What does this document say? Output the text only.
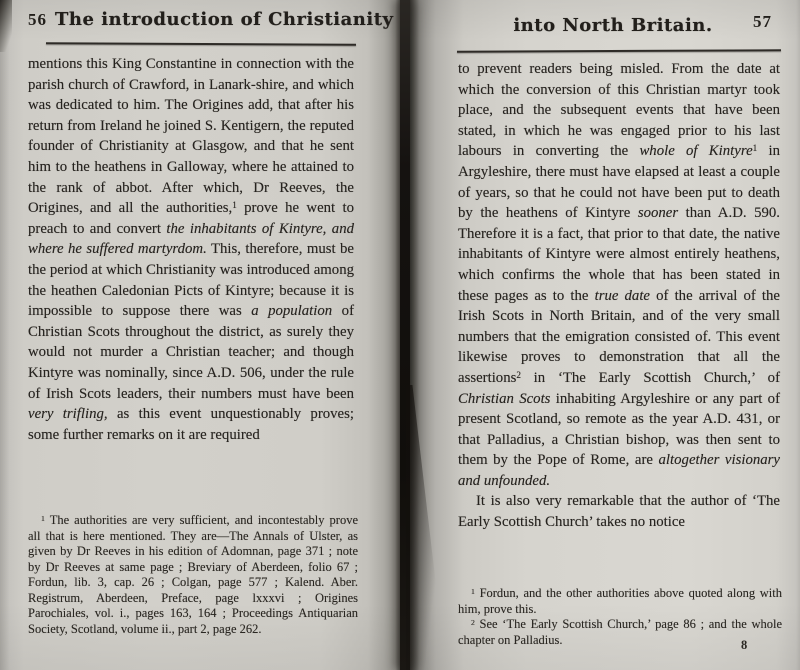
56 The introduction of Christianity

mentions this King Constantine in connection with the parish church of Crawford, in Lanark-shire, and which was dedicated to him. The Origines add, that after his return from Ireland he joined S. Kentigern, the reputed founder of Christianity at Glasgow, and that he sent him to the heathens in Galloway, where he attained to the rank of abbot. After which, Dr Reeves, the Origines, and all the authorities,$^1$ prove he went to preach to and convert the inhabitants of Kintyre, and where he suffered martyrdom. This, therefore, must be the period at which Christianity was introduced among the heathen Caledonian Picts of Kintyre; because it is impossible to suppose there was a population of Christian Scots throughout the district, as surely they would not murder a Christian teacher; and though Kintyre was nominally, since A.D. 506, under the rule of Irish Scots leaders, their numbers must have been very trifling, as this event unquestionably proves; some further remarks on it are required

$^1$ The authorities are very sufficient, and incontestably prove all that is here mentioned. They are—The Annals of Ulster, as given by Dr Reeves in his edition of Adomnan, page 371 ; note by Dr Reeves at same page ; Breviary of Aberdeen, folio 67 ; Fordun, lib. 3, cap. 26 ; Colgan, page 577 ; Kalend. Aber. Registrum, Aberdeen, Preface, page lxxxvi ; Origines Parochiales, vol. i., pages 163, 164 ; Proceedings Antiquarian Society, Scotland, volume ii., part 2, page 262.

into North Britain.	57

to prevent readers being misled. From the date at which the conversion of this Christian martyr took place, and the subsequent events that have been stated, in which he was engaged prior to his last labours in converting the whole of Kintyre$^1$ in Argyleshire, there must have elapsed at least a couple of years, so that he could not have been put to death by the heathens of Kintyre sooner than A.D. 590. Therefore it is a fact, that prior to that date, the native inhabitants of Kintyre were almost entirely heathens, which confirms the whole that has been stated in these pages as to the true date of the arrival of the Irish Scots in North Britain, and of the very small numbers that the emigration consisted of. This event likewise proves to demonstration that all the assertions$^2$ in ‘The Early Scottish Church,’ of Christian Scots inhabiting Argyleshire or any part of present Scotland, so remote as the year A.D. 431, or that Palladius, a Christian bishop, was then sent to them by the Pope of Rome, are altogether visionary and unfounded.

It is also very remarkable that the author of ‘The Early Scottish Church’ takes no notice

$^1$ Fordun, and the other authorities above quoted along with him, prove this.

$^2$ See ‘The Early Scottish Church,’ page 86 ; and the whole chapter on Palladius.	8
